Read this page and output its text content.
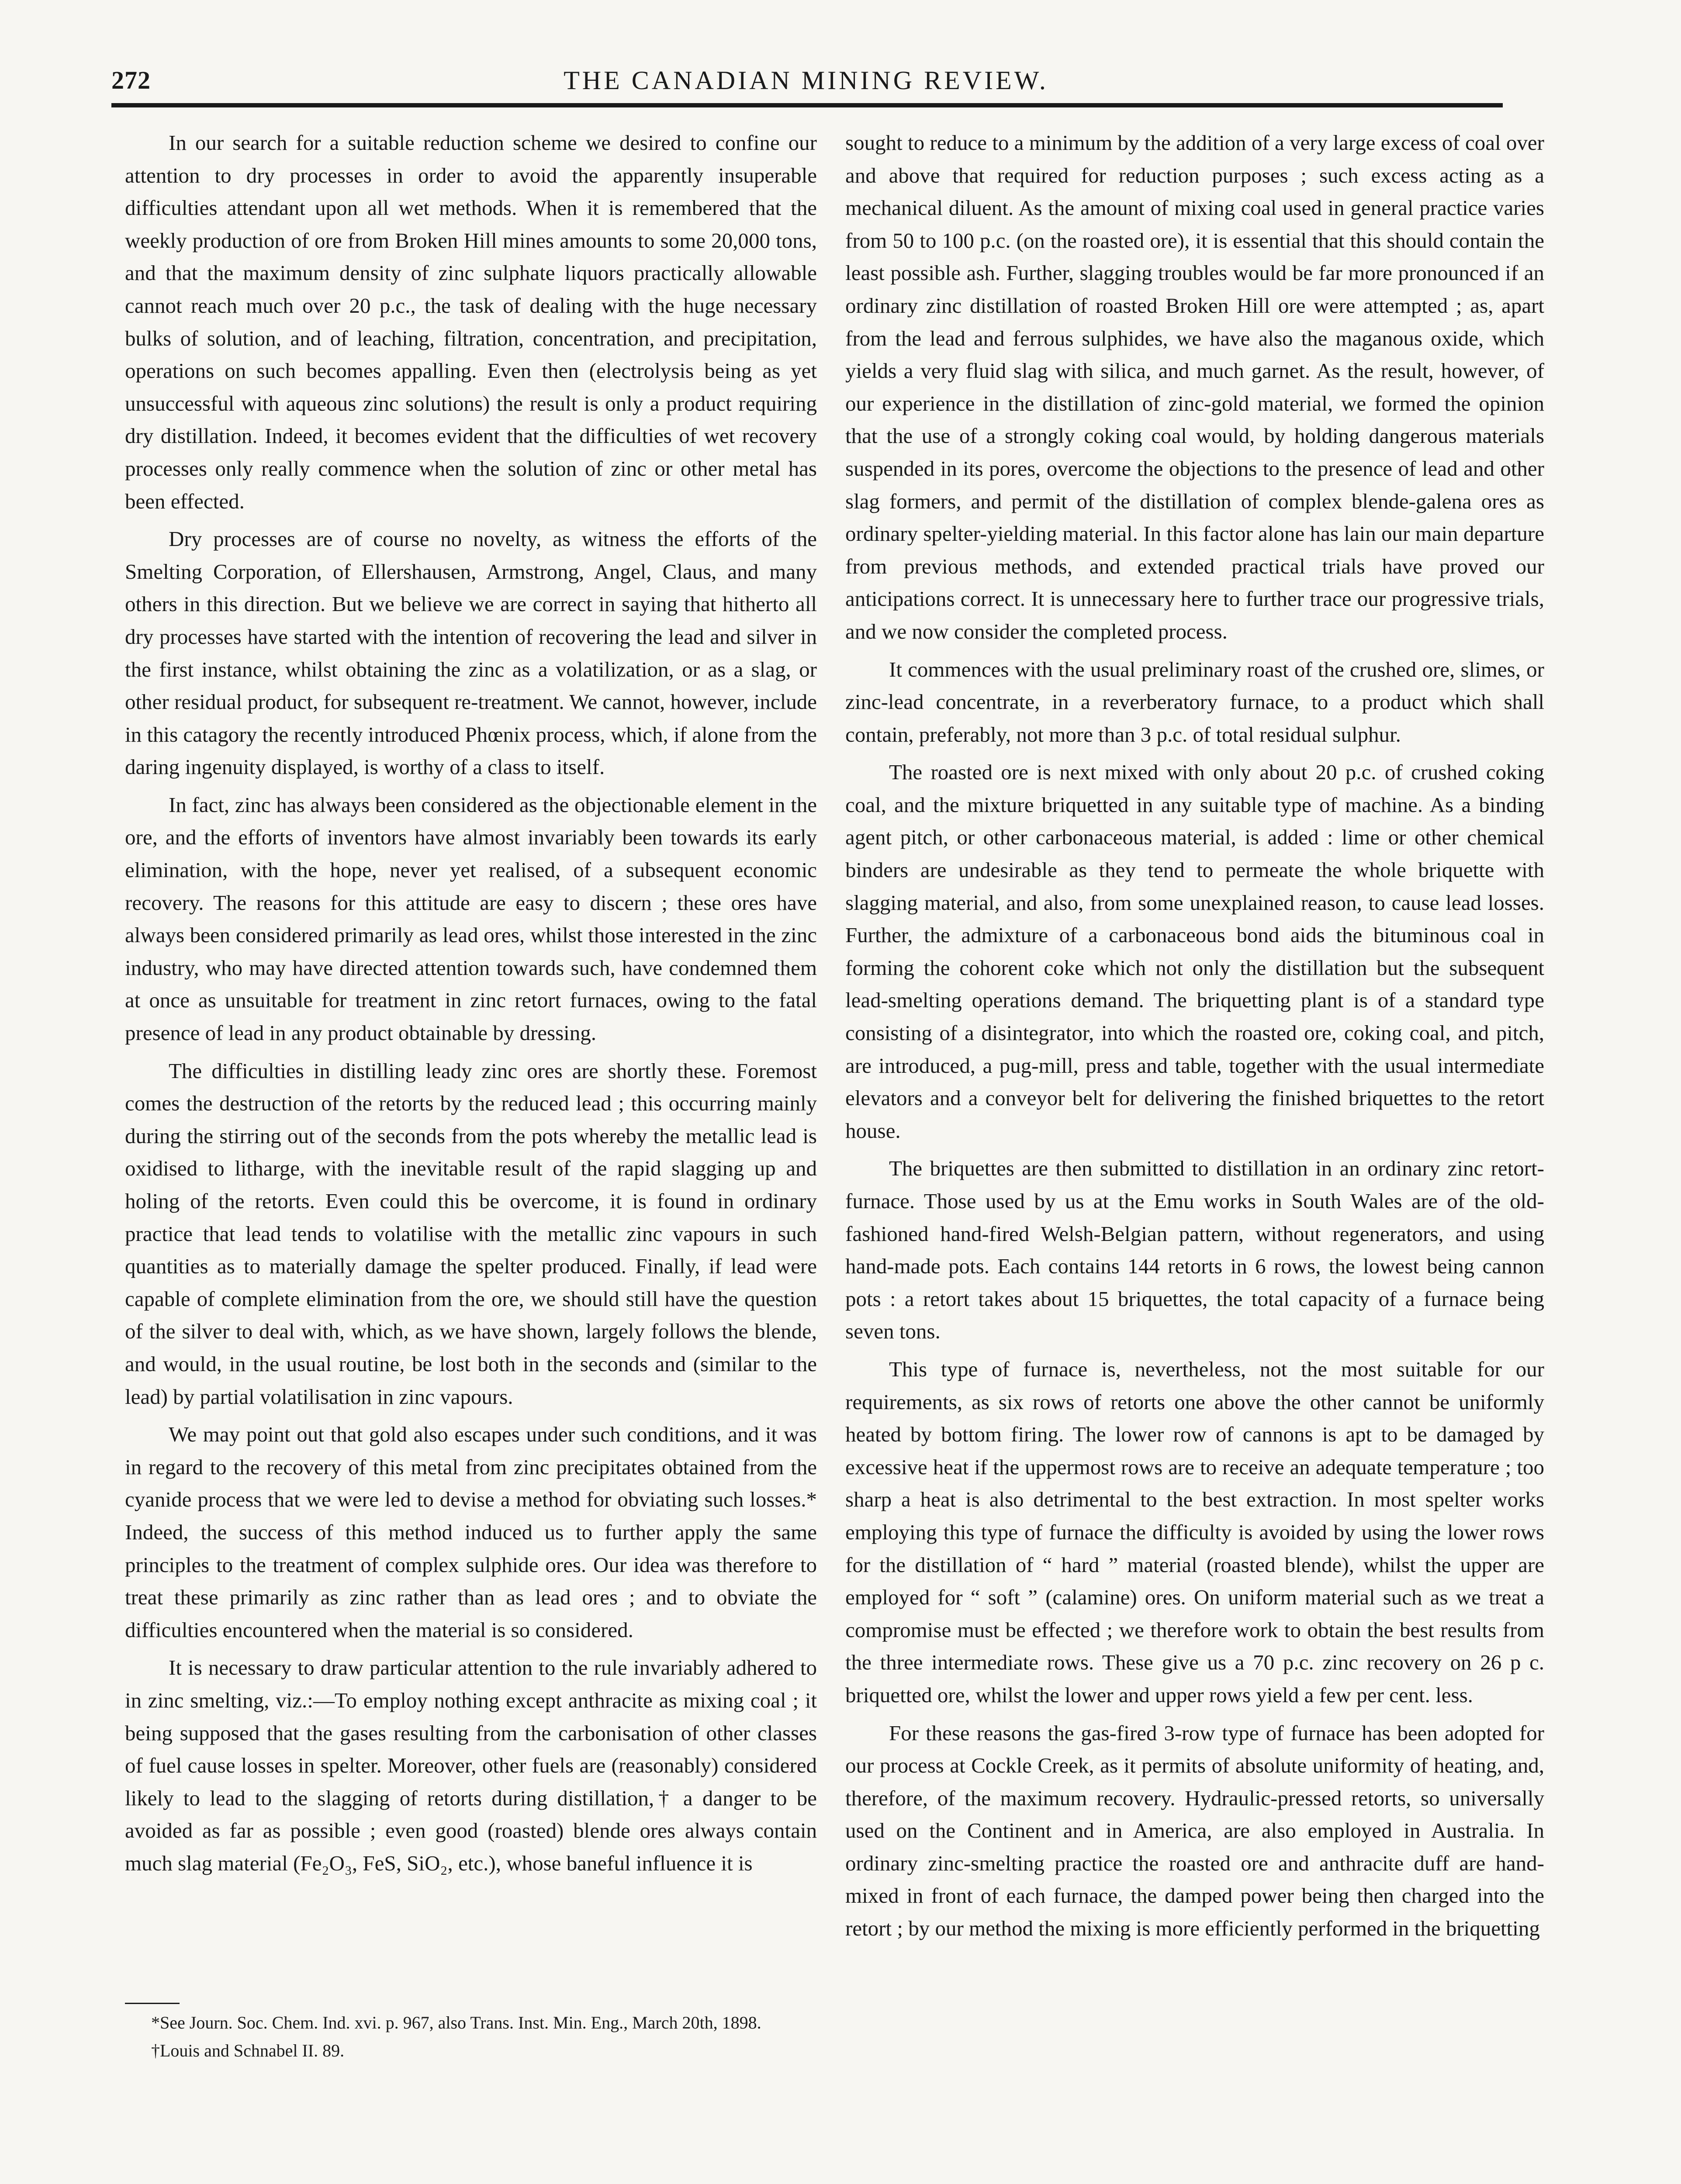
272	THE CANADIAN MINING REVIEW.

In our search for a suitable reduction scheme we desired to confine our attention to dry processes in order to avoid the apparently insuperable difficulties attendant upon all wet methods. When it is remembered that the weekly production of ore from Broken Hill mines amounts to some 20,000 tons, and that the maximum density of zinc sulphate liquors practically allowable cannot reach much over 20 p.c., the task of dealing with the huge necessary bulks of solution, and of leaching, filtration, concentration, and precipitation, operations on such becomes appalling. Even then (electrolysis being as yet unsuccessful with aqueous zinc solutions) the result is only a product requiring dry distillation. Indeed, it becomes evident that the difficulties of wet recovery processes only really commence when the solution of zinc or other metal has been effected.

Dry processes are of course no novelty, as witness the efforts of the Smelting Corporation, of Ellershausen, Armstrong, Angel, Claus, and many others in this direction. But we believe we are correct in saying that hitherto all dry processes have started with the intention of recovering the lead and silver in the first instance, whilst obtaining the zinc as a volatilization, or as a slag, or other residual product, for subsequent re-treatment. We cannot, however, include in this catagory the recently introduced Phœnix process, which, if alone from the daring ingenuity displayed, is worthy of a class to itself.

In fact, zinc has always been considered as the objectionable element in the ore, and the efforts of inventors have almost invariably been towards its early elimination, with the hope, never yet realised, of a subsequent economic recovery. The reasons for this attitude are easy to discern ; these ores have always been considered primarily as lead ores, whilst those interested in the zinc industry, who may have directed attention towards such, have condemned them at once as unsuitable for treatment in zinc retort furnaces, owing to the fatal presence of lead in any product obtainable by dressing.

The difficulties in distilling leady zinc ores are shortly these. Foremost comes the destruction of the retorts by the reduced lead ; this occurring mainly during the stirring out of the seconds from the pots whereby the metallic lead is oxidised to litharge, with the inevitable result of the rapid slagging up and holing of the retorts. Even could this be overcome, it is found in ordinary practice that lead tends to volatilise with the metallic zinc vapours in such quantities as to materially damage the spelter produced. Finally, if lead were capable of complete elimination from the ore, we should still have the question of the silver to deal with, which, as we have shown, largely follows the blende, and would, in the usual routine, be lost both in the seconds and (similar to the lead) by partial volatilisation in zinc vapours.

We may point out that gold also escapes under such conditions, and it was in regard to the recovery of this metal from zinc precipitates obtained from the cyanide process that we were led to devise a method for obviating such losses.* Indeed, the success of this method induced us to further apply the same principles to the treatment of complex sulphide ores. Our idea was therefore to treat these primarily as zinc rather than as lead ores ; and to obviate the difficulties encountered when the material is so considered.

It is necessary to draw particular attention to the rule invariably adhered to in zinc smelting, viz.:—To employ nothing except anthracite as mixing coal ; it being supposed that the gases resulting from the carbonisation of other classes of fuel cause losses in spelter. Moreover, other fuels are (reasonably) considered likely to lead to the slagging of retorts during distillation,† a danger to be avoided as far as possible ; even good (roasted) blende ores always contain much slag material (Fe₂O₃, FeS, SiO₂, etc.), whose baneful influence it is

*See Journ. Soc. Chem. Ind. xvi. p. 967, also Trans. Inst. Min. Eng., March 20th, 1898.

†Louis and Schnabel II. 89.

sought to reduce to a minimum by the addition of a very large excess of coal over and above that required for reduction purposes ; such excess acting as a mechanical diluent. As the amount of mixing coal used in general practice varies from 50 to 100 p.c. (on the roasted ore), it is essential that this should contain the least possible ash. Further, slagging troubles would be far more pronounced if an ordinary zinc distillation of roasted Broken Hill ore were attempted ; as, apart from the lead and ferrous sulphides, we have also the maganous oxide, which yields a very fluid slag with silica, and much garnet. As the result, however, of our experience in the distillation of zinc-gold material, we formed the opinion that the use of a strongly coking coal would, by holding dangerous materials suspended in its pores, overcome the objections to the presence of lead and other slag formers, and permit of the distillation of complex blende-galena ores as ordinary spelter-yielding material. In this factor alone has lain our main departure from previous methods, and extended practical trials have proved our anticipations correct. It is unnecessary here to further trace our progressive trials, and we now consider the completed process.

It commences with the usual preliminary roast of the crushed ore, slimes, or zinc-lead concentrate, in a reverberatory furnace, to a product which shall contain, preferably, not more than 3 p.c. of total residual sulphur.

The roasted ore is next mixed with only about 20 p.c. of crushed coking coal, and the mixture briquetted in any suitable type of machine. As a binding agent pitch, or other carbonaceous material, is added : lime or other chemical binders are undesirable as they tend to permeate the whole briquette with slagging material, and also, from some unexplained reason, to cause lead losses. Further, the admixture of a carbonaceous bond aids the bituminous coal in forming the cohorent coke which not only the distillation but the subsequent lead-smelting operations demand. The briquetting plant is of a standard type consisting of a disintegrator, into which the roasted ore, coking coal, and pitch, are introduced, a pug-mill, press and table, together with the usual intermediate elevators and a conveyor belt for delivering the finished briquettes to the retort house.

The briquettes are then submitted to distillation in an ordinary zinc retort-furnace. Those used by us at the Emu works in South Wales are of the old-fashioned hand-fired Welsh-Belgian pattern, without regenerators, and using hand-made pots. Each contains 144 retorts in 6 rows, the lowest being cannon pots : a retort takes about 15 briquettes, the total capacity of a furnace being seven tons.

This type of furnace is, nevertheless, not the most suitable for our requirements, as six rows of retorts one above the other cannot be uniformly heated by bottom firing. The lower row of cannons is apt to be damaged by excessive heat if the uppermost rows are to receive an adequate temperature ; too sharp a heat is also detrimental to the best extraction. In most spelter works employing this type of furnace the difficulty is avoided by using the lower rows for the distillation of “ hard ” material (roasted blende), whilst the upper are employed for “ soft ” (calamine) ores. On uniform material such as we treat a compromise must be effected ; we therefore work to obtain the best results from the three intermediate rows. These give us a 70 p.c. zinc recovery on 26 p c. briquetted ore, whilst the lower and upper rows yield a few per cent. less.

For these reasons the gas-fired 3-row type of furnace has been adopted for our process at Cockle Creek, as it permits of absolute uniformity of heating, and, therefore, of the maximum recovery. Hydraulic-pressed retorts, so universally used on the Continent and in America, are also employed in Australia. In ordinary zinc-smelting practice the roasted ore and anthracite duff are hand-mixed in front of each furnace, the damped power being then charged into the retort ; by our method the mixing is more efficiently performed in the briquetting
